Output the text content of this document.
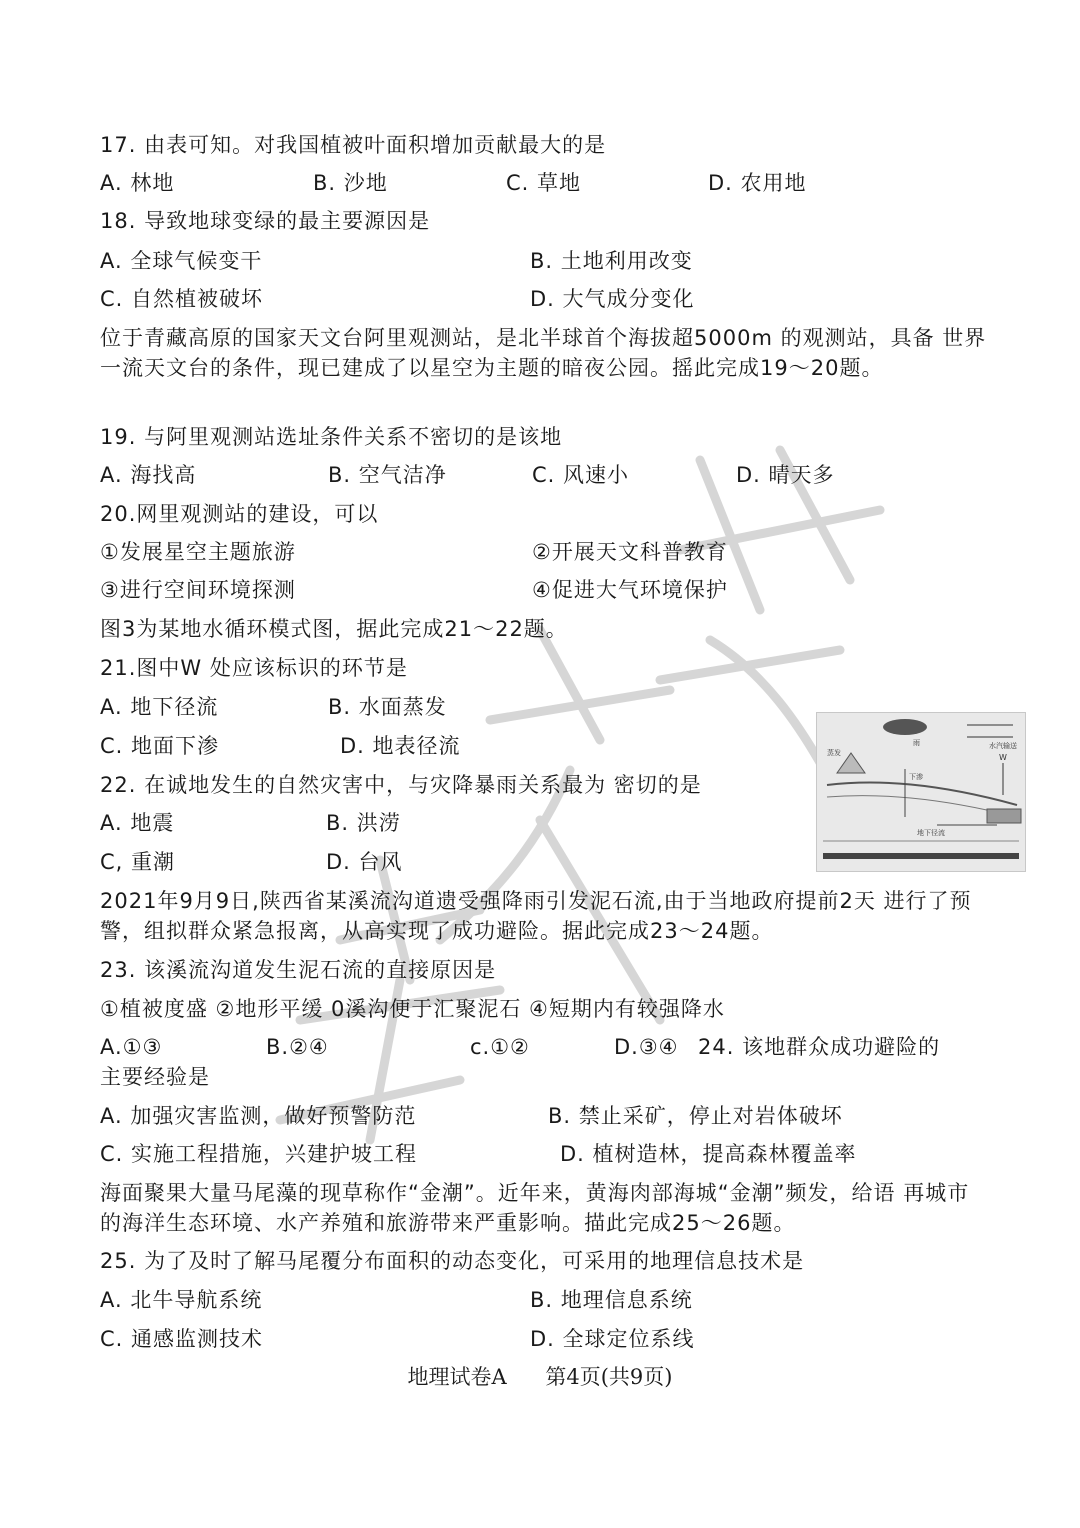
17. 由表可知。对我国植被叶面积增加贡献最大的是
A. 林地	B. 沙地	C. 草地	D. 农用地
18. 导致地球变绿的最主要源因是
A. 全球气候变干	B. 土地利用改变
C. 自然植被破坏	D. 大气成分变化
位于青藏高原的国家天文台阿里观测站，是北半球首个海拔超5000m 的观测站，具备 世界一流天文台的条件，现已建成了以星空为主题的暗夜公园。摇此完成19～20题。
19. 与阿里观测站选址条件关系不密切的是该地
A. 海找高	B. 空气洁净	C. 风速小	D. 晴天多
20.网里观测站的建设，可以
①发展星空主题旅游	②开展天文科普教育
③进行空间环境探测	④促进大气环境保护
图3为某地水循环模式图，据此完成21～22题。
21.图中W 处应该标识的环节是
A. 地下径流	B. 水面蒸发
C. 地面下渗	D. 地表径流	水汽输送
雨
蒸发
下渗
地下径流
W
22. 在诚地发生的自然灾害中，与灾降暴雨关系最为 密切的是
A. 地震	B. 洪涝
C, 重潮	D. 台风
2021年9月9日,陕西省某溪流沟道遗受强降雨引发泥石流,由于当地政府提前2天 进行了预警，组拟群众紧急报离，从高实现了成功避险。据此完成23～24题。
23. 该溪流沟道发生泥石流的直接原因是
①植被度盛 ②地形平缓 0溪沟便于汇聚泥石 ④短期内有较强降水
A.①③	B.②④	c.①②	D.③④ 24. 该地群众成功避险的
主要经验是
A. 加强灾害监测，做好预警防范	B. 禁止采矿，停止对岩体破坏
C. 实施工程措施，兴建护坡工程	D. 植树造林，提高森林覆盖率
海面聚果大量马尾藻的现草称作“金潮”。近年来，黄海肉部海城“金潮”频发，给语 再城市的海洋生态环境、水产养殖和旅游带来严重影响。描此完成25～26题。
25. 为了及时了解马尾覆分布面积的动态变化，可采用的地理信息技术是
A. 北牛导航系统	B. 地理信息系统
C. 通感监测技术	D. 全球定位系线
地理试卷A 第4页(共9页)
